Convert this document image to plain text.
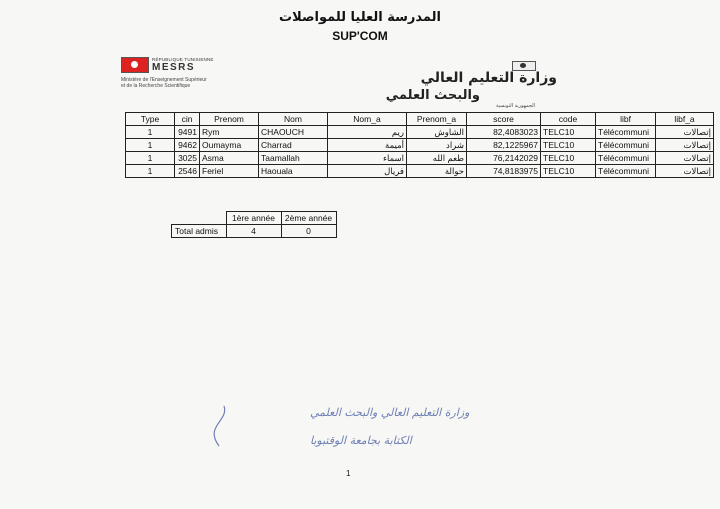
المدرسة العليا للمواصلات
SUP'COM
RÉPUBLIQUE TUNISIENNE
MESRS
Ministère de l'Enseignement Supérieur
et de la Recherche Scientifique	وزارة التعليم العالي
والبحث العلمي
الجمهورية التونسية
Type	cin	Prenom	Nom	Nom_a	Prenom_a	score	code	libf	libf_a
1	9491	Rym	CHAOUCH	ريم	الشاوش	82,4083023	TELC10	Télécommuni	إتصالات
1	9462	Oumayma	Charrad	أميمة	شراد	82,1225967	TELC10	Télécommuni	إتصالات
1	3025	Asma	Taamallah	اسماء	طعم الله	76,2142029	TELC10	Télécommuni	إتصالات
1	2546	Feriel	Haouala	فريال	حوالة	74,8183975	TELC10	Télécommuni	إتصالات
	1ère année	2ème année
Total admis	4	0
وزارة التعليم العالي والبحث العلمي
الكتابة بجامعة الوقتبوبا
1
